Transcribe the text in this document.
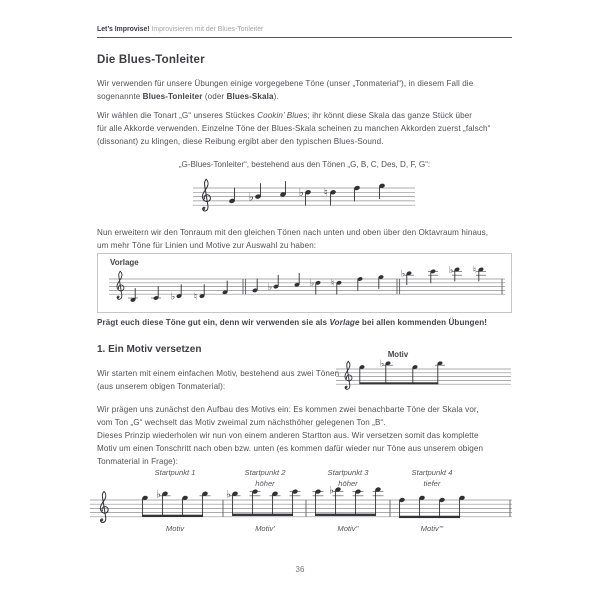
Let’s Improvise! Improvisieren mit der Blues-Tonleiter
Die Blues-Tonleiter
Wir verwenden für unsere Übungen einige vorgegebene Töne (unser „Tonmaterial“), in diesem Fall die
sogenannte Blues-Tonleiter (oder Blues-Skala).
Wir wählen die Tonart „G“ unseres Stückes Cookin’ Blues; ihr könnt diese Skala das ganze Stück über
für alle Akkorde verwenden. Einzelne Töne der Blues-Skala scheinen zu manchen Akkorden zuerst „falsch“
(dissonant) zu klingen, diese Reibung ergibt aber den typischen Blues-Sound.
„G-Blues-Tonleiter“, bestehend aus den Tönen „G, B, C, Des, D, F, G“:
♭	♭ ♮
Nun erweitern wir den Tonraum mit den gleichen Tönen nach unten und oben über den Oktavraum hinaus,
um mehr Töne für Linien und Motive zur Auswahl zu haben:
Vorlage
♭ ♮
♭	♭ ♮
♭	♭ ♮
Prägt euch diese Töne gut ein, denn wir verwenden sie als Vorlage bei allen kommenden Übungen!
1. Ein Motiv versetzen
Wir starten mit einem einfachen Motiv, bestehend aus zwei Tönen
(aus unserem obigen Tonmaterial):
Motiv
♭
Wir prägen uns zunächst den Aufbau des Motivs ein: Es kommen zwei benachbarte Töne der Skala vor,
vom Ton „G“ wechselt das Motiv zweimal zum nächsthöher gelegenen Ton „B“.
Dieses Prinzip wiederholen wir nun von einem anderen Startton aus. Wir versetzen somit das komplette
Motiv um einen Tonschritt nach oben bzw. unten (es kommen dafür wieder nur Töne aus unserem obigen
Tonmaterial in Frage):
Startpunkt 1	Startpunkt 2	Startpunkt 3	Startpunkt 4
höher	höher	tiefer
♭	♭	♭
Motiv	Motiv’	Motiv’’	Motiv’’’
36
